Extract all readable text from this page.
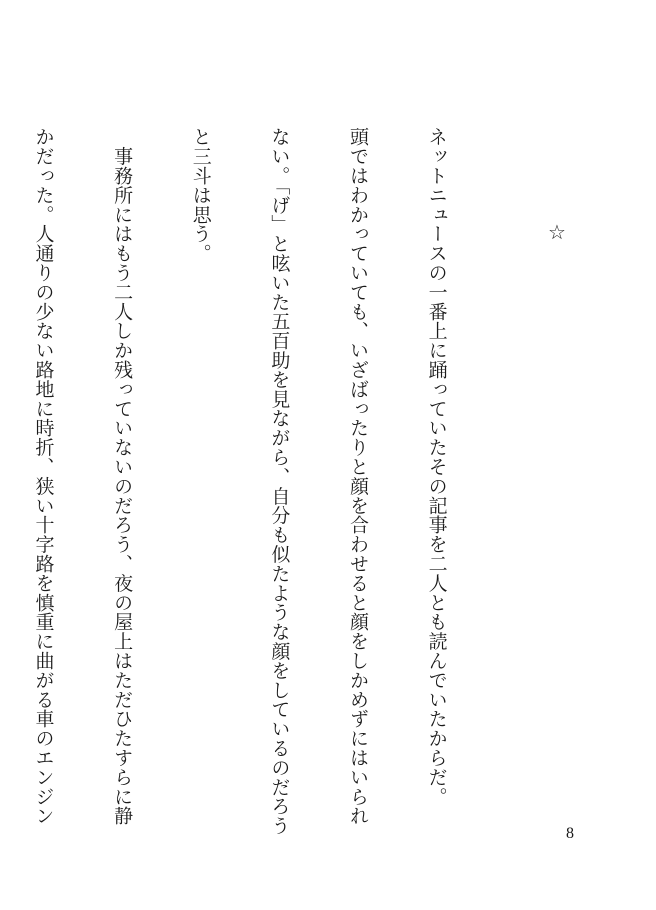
☆

ネットニュースの一番上に踊っていたその記事を二人とも読んでいたからだ。

頭ではわかっていても、いざばったりと顔を合わせると顔をしかめずにはいられ

ない。「げ」と呟いた五百助を見ながら、自分も似たような顔をしているのだろう

と三斗は思う。

　事務所にはもう二人しか残っていないのだろう、夜の屋上はただひたすらに静

かだった。人通りの少ない路地に時折、狭い十字路を慎重に曲がる車のエンジン

8
